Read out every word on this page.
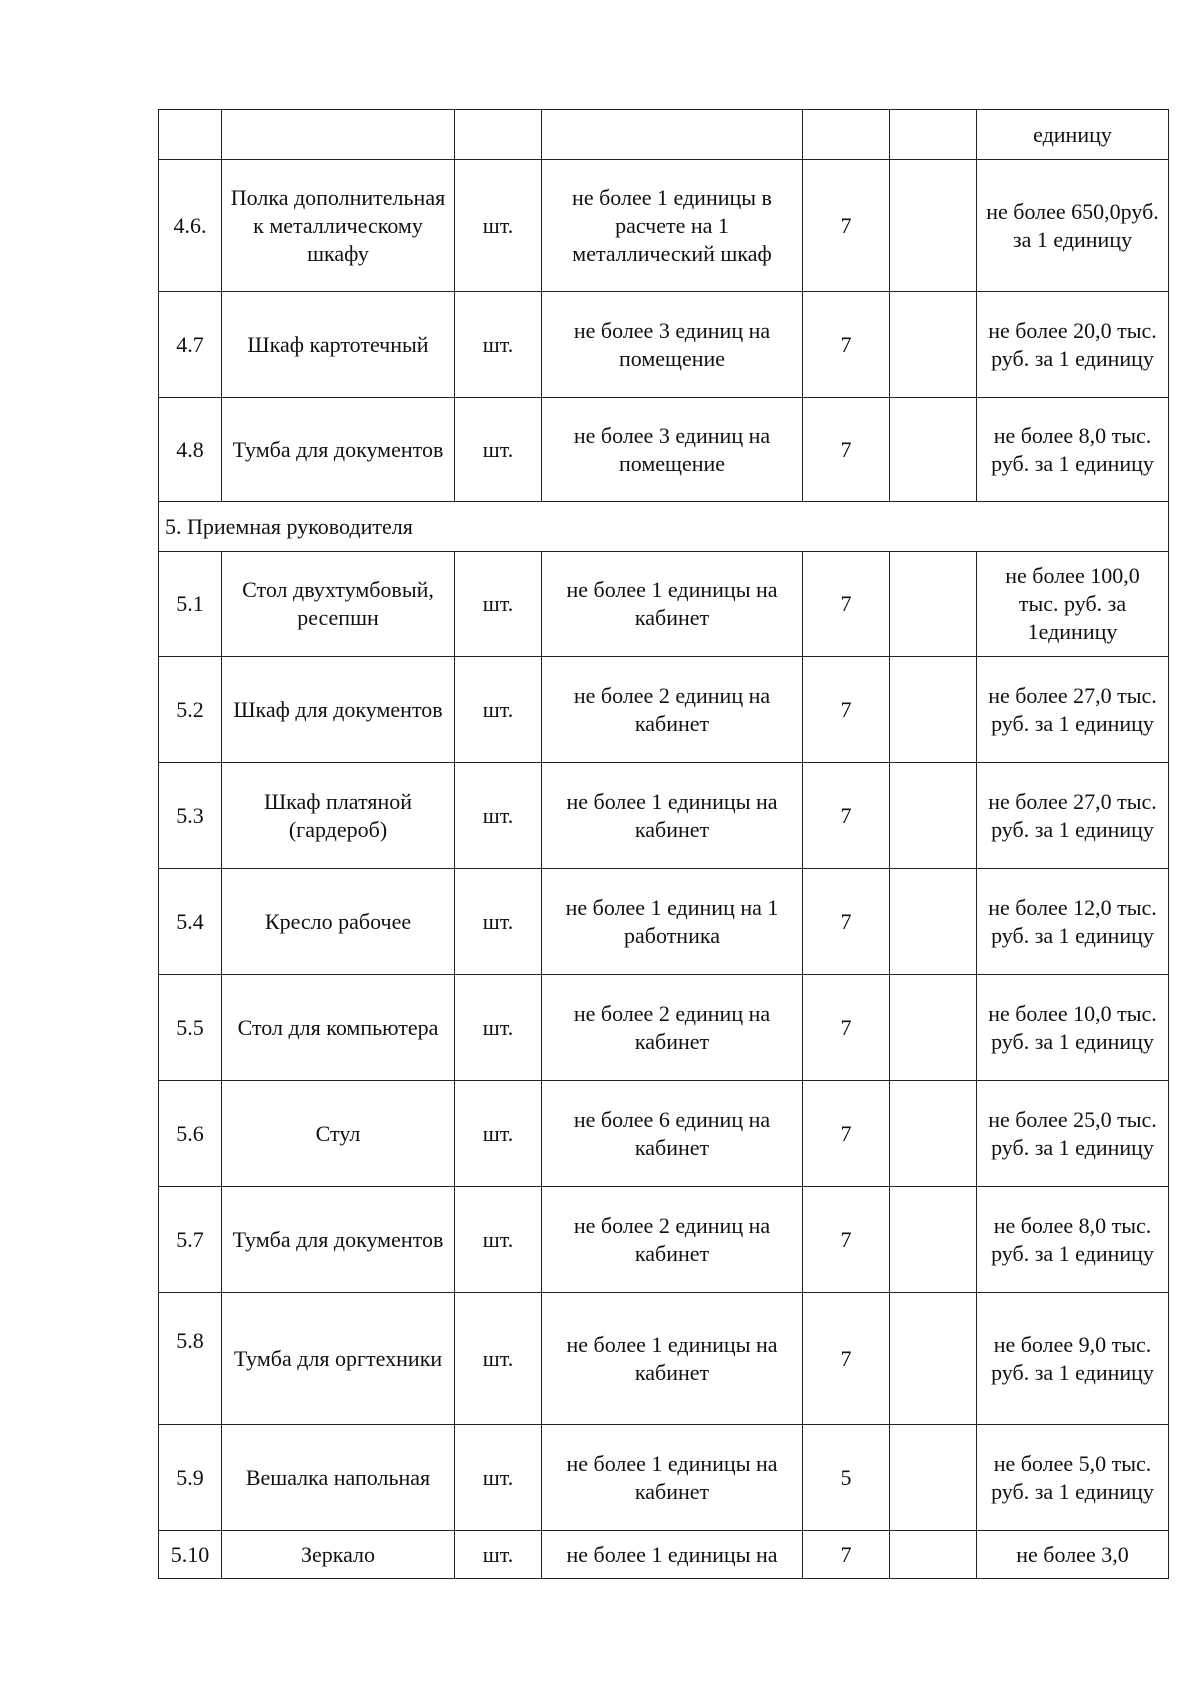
						единицу
4.6.	Полка дополнительная к металлическому шкафу	шт.	не более 1 единицы в расчете на 1 металлический шкаф	7		не более 650,0руб. за 1 единицу
4.7	Шкаф картотечный	шт.	не более 3 единиц на помещение	7		не более 20,0 тыс. руб. за 1 единицу
4.8	Тумба для документов	шт.	не более 3 единиц на помещение	7		не более 8,0 тыс. руб. за 1 единицу
5. Приемная руководителя						
5.1	Стол двухтумбовый, ресепшн	шт.	не более 1 единицы на кабинет	7		не более 100,0 тыс. руб. за 1единицу
5.2	Шкаф для документов	шт.	не более 2 единиц на кабинет	7		не более 27,0 тыс. руб. за 1 единицу
5.3	Шкаф платяной (гардероб)	шт.	не более 1 единицы на кабинет	7		не более 27,0 тыс. руб. за 1 единицу
5.4	Кресло рабочее	шт.	не более 1 единиц на 1 работника	7		не более 12,0 тыс. руб. за 1 единицу
5.5	Стол для компьютера	шт.	не более 2 единиц на кабинет	7		не более 10,0 тыс. руб. за 1 единицу
5.6	Стул	шт.	не более 6 единиц на кабинет	7		не более 25,0 тыс. руб. за 1 единицу
5.7	Тумба для документов	шт.	не более 2 единиц на кабинет	7		не более 8,0 тыс. руб. за 1 единицу
5.8	Тумба для оргтехники	шт.	не более 1 единицы на кабинет	7		не более 9,0 тыс. руб. за 1 единицу
5.9	Вешалка напольная	шт.	не более 1 единицы на кабинет	5		не более 5,0 тыс. руб. за 1 единицу
5.10	Зеркало	шт.	не более 1 единицы на	7		не более 3,0
